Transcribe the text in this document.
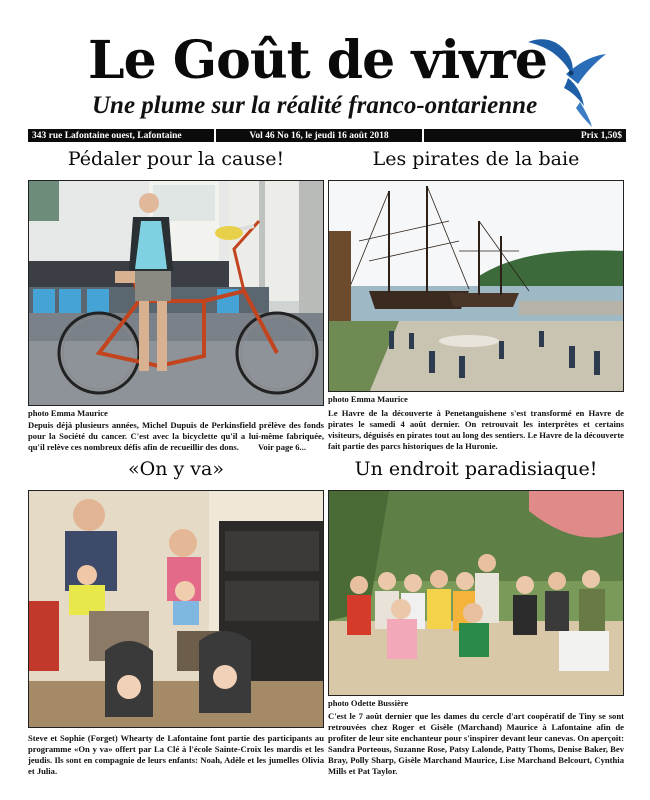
Le Goût de vivre
Une plume sur la réalité franco-ontarienne
343 rue Lafontaine ouest, Lafontaine	Vol 46 No 16, le jeudi 16 août 2018	Prix 1,50$
Pédaler pour la cause!
photo Emma Maurice
Depuis déjà plusieurs années, Michel Dupuis de Perkinsfield prélève des fonds pour la Société du cancer. C'est avec la bicyclette qu'il a lui-même fabriquée, qu'il relève ces nombreux défis afin de recueillir des dons. Voir page 6...
Les pirates de la baie
photo Emma Maurice
Le Havre de la découverte à Penetanguishene s'est transformé en Havre de pirates le samedi 4 août dernier. On retrouvait les interprètes et certains visiteurs, déguisés en pirates tout au long des sentiers. Le Havre de la découverte fait partie des parcs historiques de la Huronie.
«On y va»
Steve et Sophie (Forget) Whearty de Lafontaine font partie des participants au programme «On y va» offert par La Clé à l'école Sainte-Croix les mardis et les jeudis. Ils sont en compagnie de leurs enfants: Noah, Adèle et les jumelles Olivia et Julia.
Un endroit paradisiaque!
photo Odette Bussière
C'est le 7 août dernier que les dames du cercle d'art coopératif de Tiny se sont retrouvées chez Roger et Gisèle (Marchand) Maurice à Lafontaine afin de profiter de leur site enchanteur pour s'inspirer devant leur canevas. On aperçoit: Sandra Porteous, Suzanne Rose, Patsy Lalonde, Patty Thoms, Denise Baker, Bev Bray, Polly Sharp, Gisèle Marchand Maurice, Lise Marchand Belcourt, Cynthia Mills et Pat Taylor.
